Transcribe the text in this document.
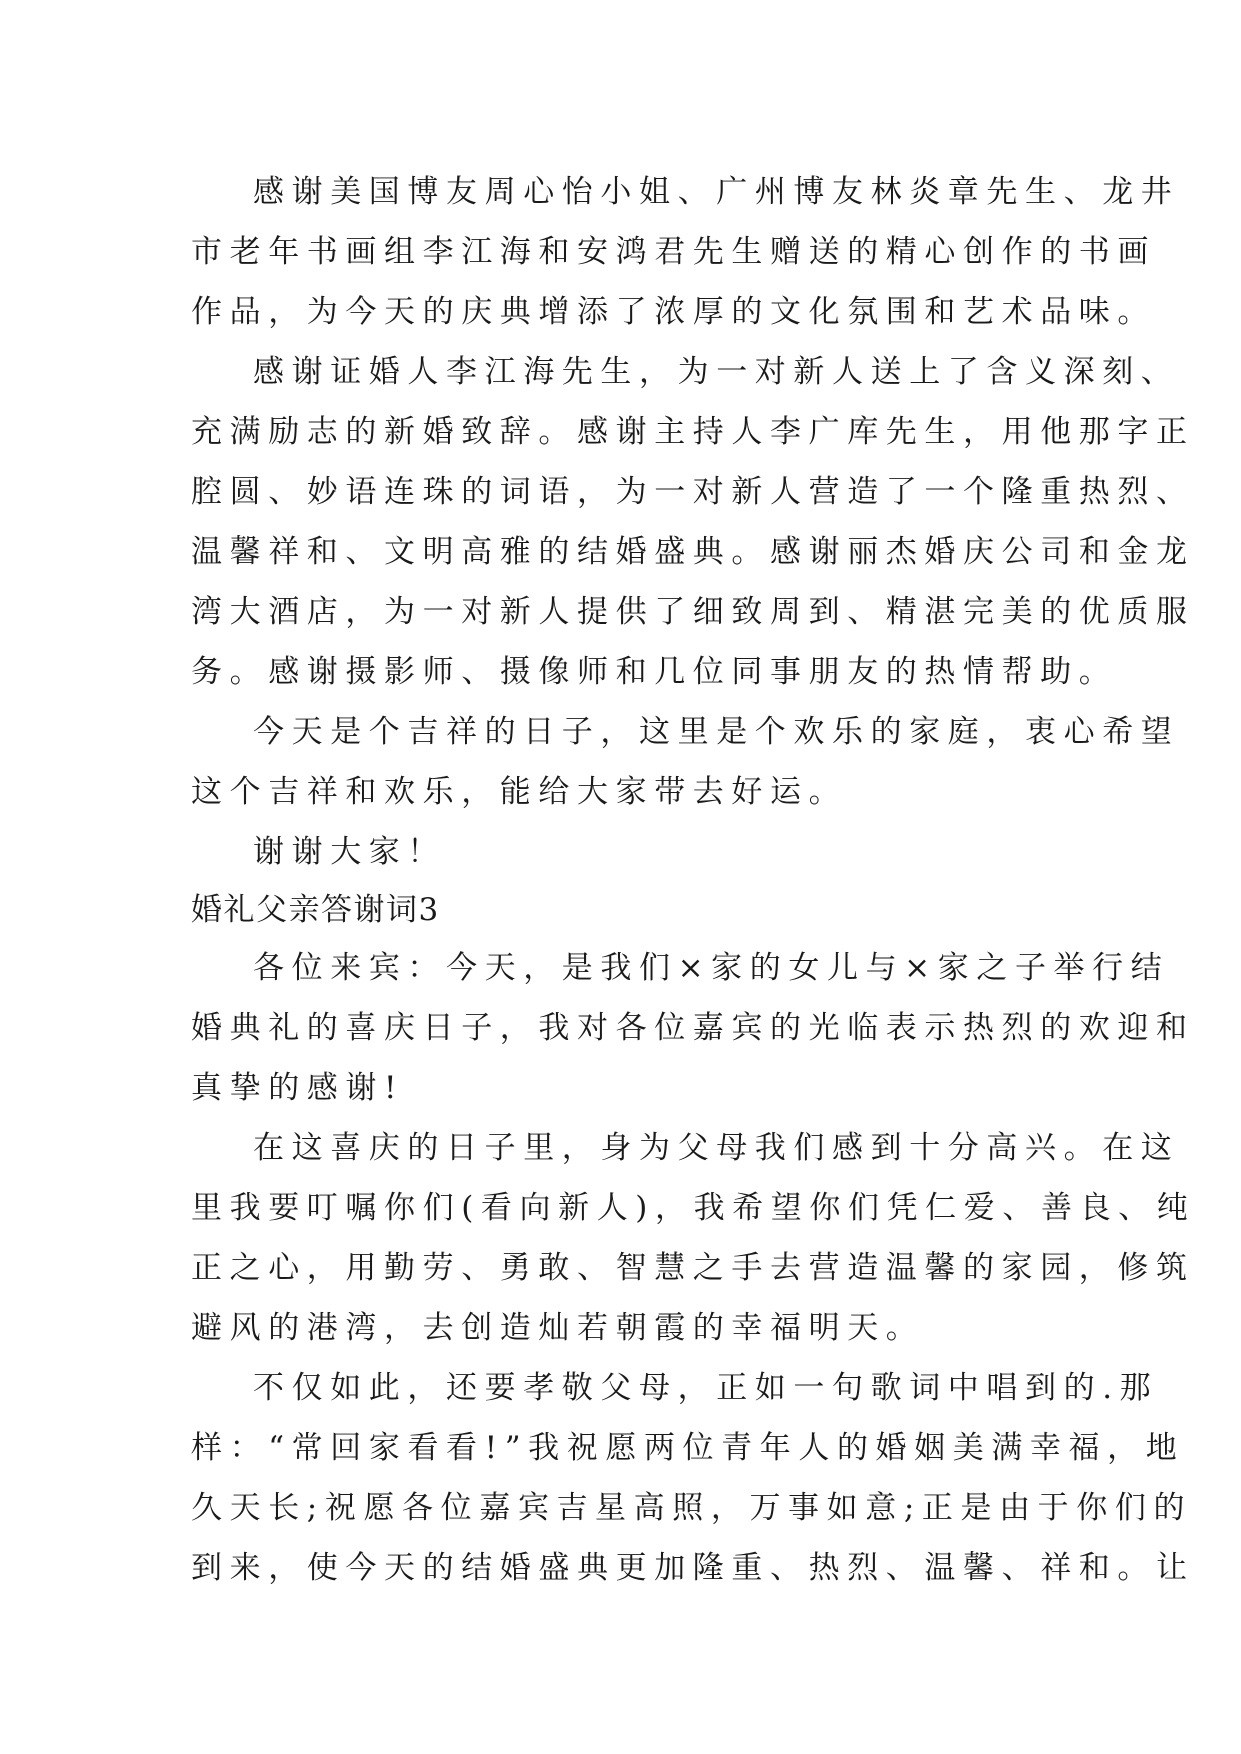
感谢美国博友周心怡小姐、广州博友林炎章先生、龙井
市老年书画组李江海和安鸿君先生赠送的精心创作的书画
作品，为今天的庆典增添了浓厚的文化氛围和艺术品味。
感谢证婚人李江海先生，为一对新人送上了含义深刻、
充满励志的新婚致辞。感谢主持人李广库先生，用他那字正
腔圆、妙语连珠的词语，为一对新人营造了一个隆重热烈、
温馨祥和、文明高雅的结婚盛典。感谢丽杰婚庆公司和金龙
湾大酒店，为一对新人提供了细致周到、精湛完美的优质服
务。感谢摄影师、摄像师和几位同事朋友的热情帮助。
今天是个吉祥的日子，这里是个欢乐的家庭，衷心希望
这个吉祥和欢乐，能给大家带去好运。
谢谢大家！
婚礼父亲答谢词3
各位来宾：今天，是我们×家的女儿与×家之子举行结
婚典礼的喜庆日子，我对各位嘉宾的光临表示热烈的欢迎和
真挚的感谢!
在这喜庆的日子里，身为父母我们感到十分高兴。在这
里我要叮嘱你们(看向新人)，我希望你们凭仁爱、善良、纯
正之心，用勤劳、勇敢、智慧之手去营造温馨的家园，修筑
避风的港湾，去创造灿若朝霞的幸福明天。
不仅如此，还要孝敬父母，正如一句歌词中唱到的.那
样：“常回家看看!”我祝愿两位青年人的婚姻美满幸福，地
久天长;祝愿各位嘉宾吉星高照，万事如意;正是由于你们的
到来，使今天的结婚盛典更加隆重、热烈、温馨、祥和。让
